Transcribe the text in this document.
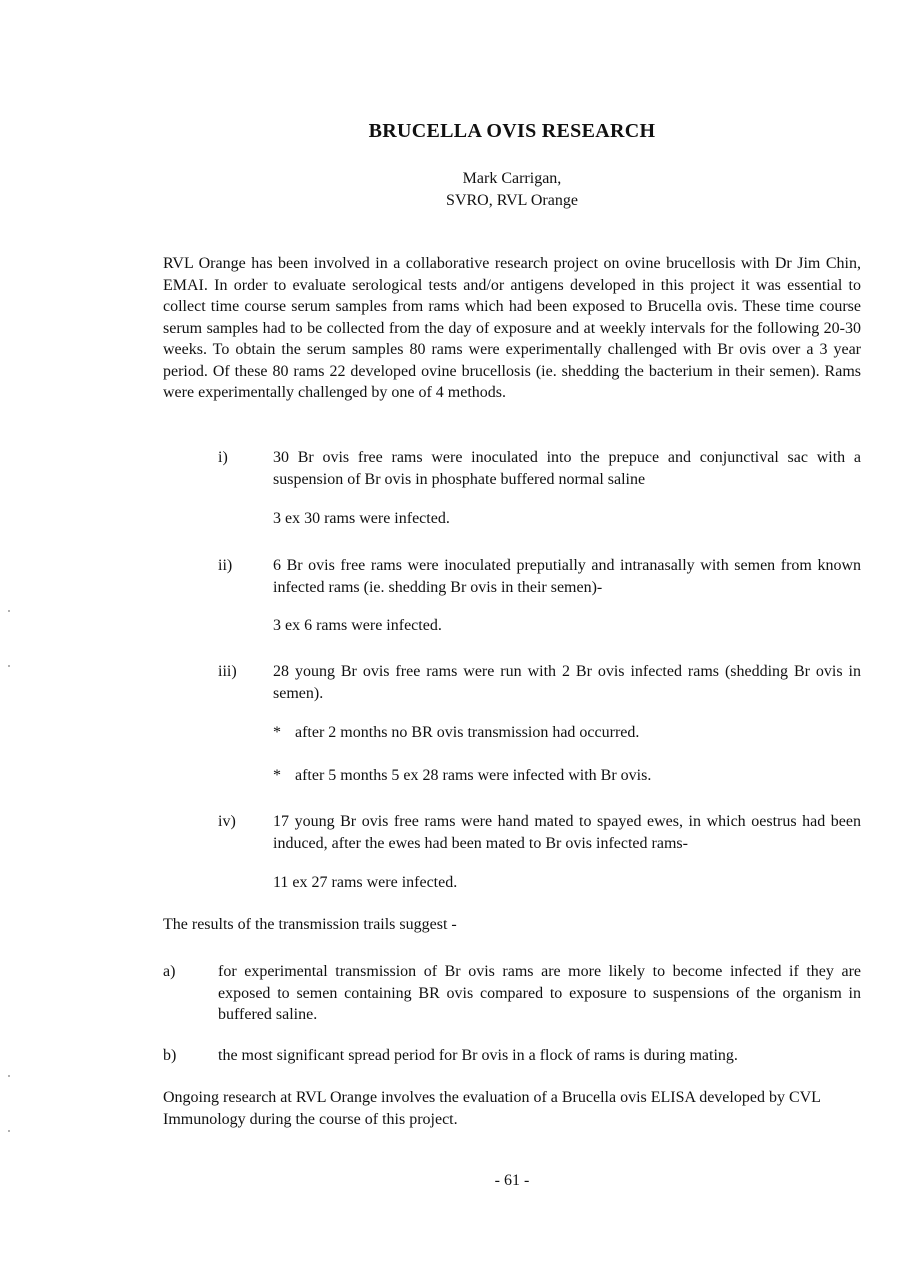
BRUCELLA OVIS RESEARCH
Mark Carrigan,
SVRO, RVL Orange

RVL Orange has been involved in a collaborative research project on ovine brucellosis with Dr Jim Chin, EMAI. In order to evaluate serological tests and/or antigens developed in this project it was essential to collect time course serum samples from rams which had been exposed to Brucella ovis. These time course serum samples had to be collected from the day of exposure and at weekly intervals for the following 20-30 weeks. To obtain the serum samples 80 rams were experimentally challenged with Br ovis over a 3 year period. Of these 80 rams 22 developed ovine brucellosis (ie. shedding the bacterium in their semen). Rams were experimentally challenged by one of 4 methods.

i)	30 Br ovis free rams were inoculated into the prepuce and conjunctival sac with a suspension of Br ovis in phosphate buffered normal saline
3 ex 30 rams were infected.
ii)	6 Br ovis free rams were inoculated preputially and intranasally with semen from known infected rams (ie. shedding Br ovis in their semen)-
3 ex 6 rams were infected.
iii) 28 young Br ovis free rams were run with 2 Br ovis infected rams (shedding Br ovis in semen).
* after 2 months no BR ovis transmission had occurred.
* after 5 months 5 ex 28 rams were infected with Br ovis.
iv) 17 young Br ovis free rams were hand mated to spayed ewes, in which oestrus had been induced, after the ewes had been mated to Br ovis infected rams-
11 ex 27 rams were infected.
The results of the transmission trails suggest -
a)	for experimental transmission of Br ovis rams are more likely to become infected if they are exposed to semen containing BR ovis compared to exposure to suspensions of the organism in buffered saline.
b)	the most significant spread period for Br ovis in a flock of rams is during mating.

Ongoing research at RVL Orange involves the evaluation of a Brucella ovis ELISA developed by CVL Immunology during the course of this project.

- 61 -
